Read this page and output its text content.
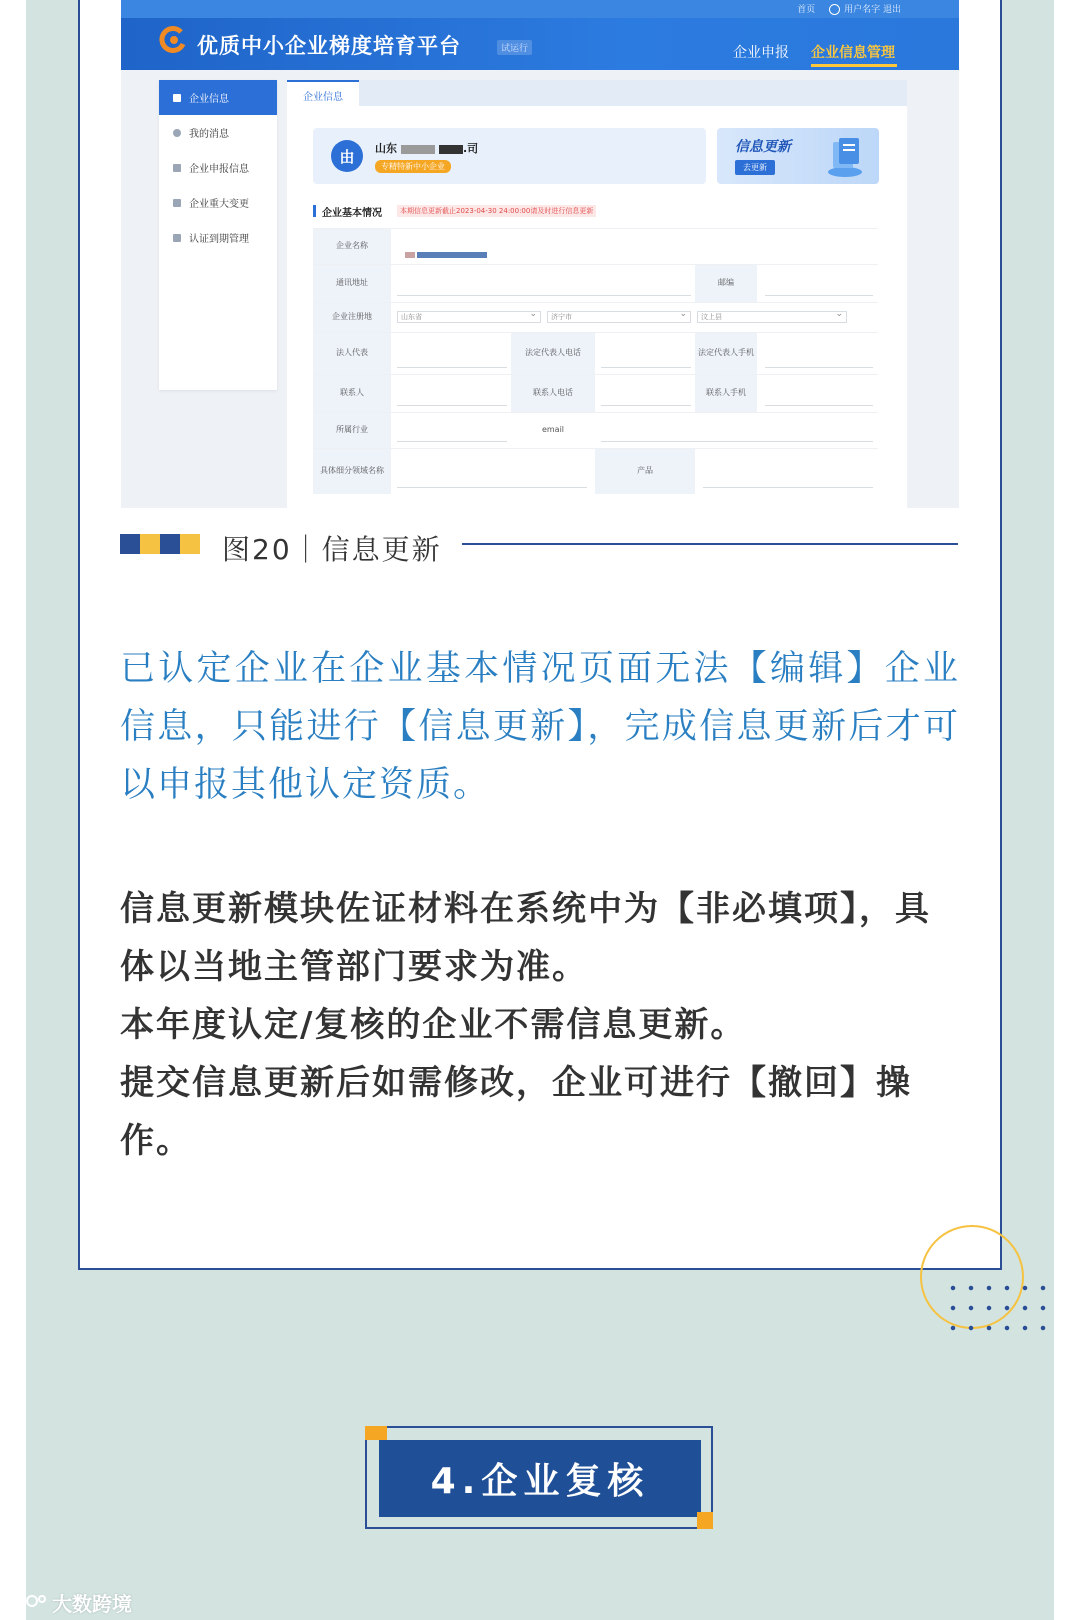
首页	用户名字 退出
优质中小企业梯度培育平台	试运行	企业申报 企业信息管理
企业信息
我的消息
企业申报信息
企业重大变更
认证到期管理
企业信息
由	山东	.司
专精特新中小企业
信息更新
去更新
企业基本情况	本期信息更新截止2023-04-30 24:00:00请及时进行信息更新
企业名称
通讯地址	邮编
企业注册地	山东省 ⌄	济宁市 ⌄	汶上县 ⌄
法人代表	法定代表人电话	法定代表人手机
联系人	联系人电话	联系人手机
所属行业	email
具体细分领域名称	产品
图20｜信息更新
已认定企业在企业基本情况页面无法【编辑】企业信息，只能进行【信息更新】，完成信息更新后才可以申报其他认定资质。
信息更新模块佐证材料在系统中为【非必填项】，具体以当地主管部门要求为准。
本年度认定/复核的企业不需信息更新。
提交信息更新后如需修改，企业可进行【撤回】操作。
4.企业复核
大数跨境
